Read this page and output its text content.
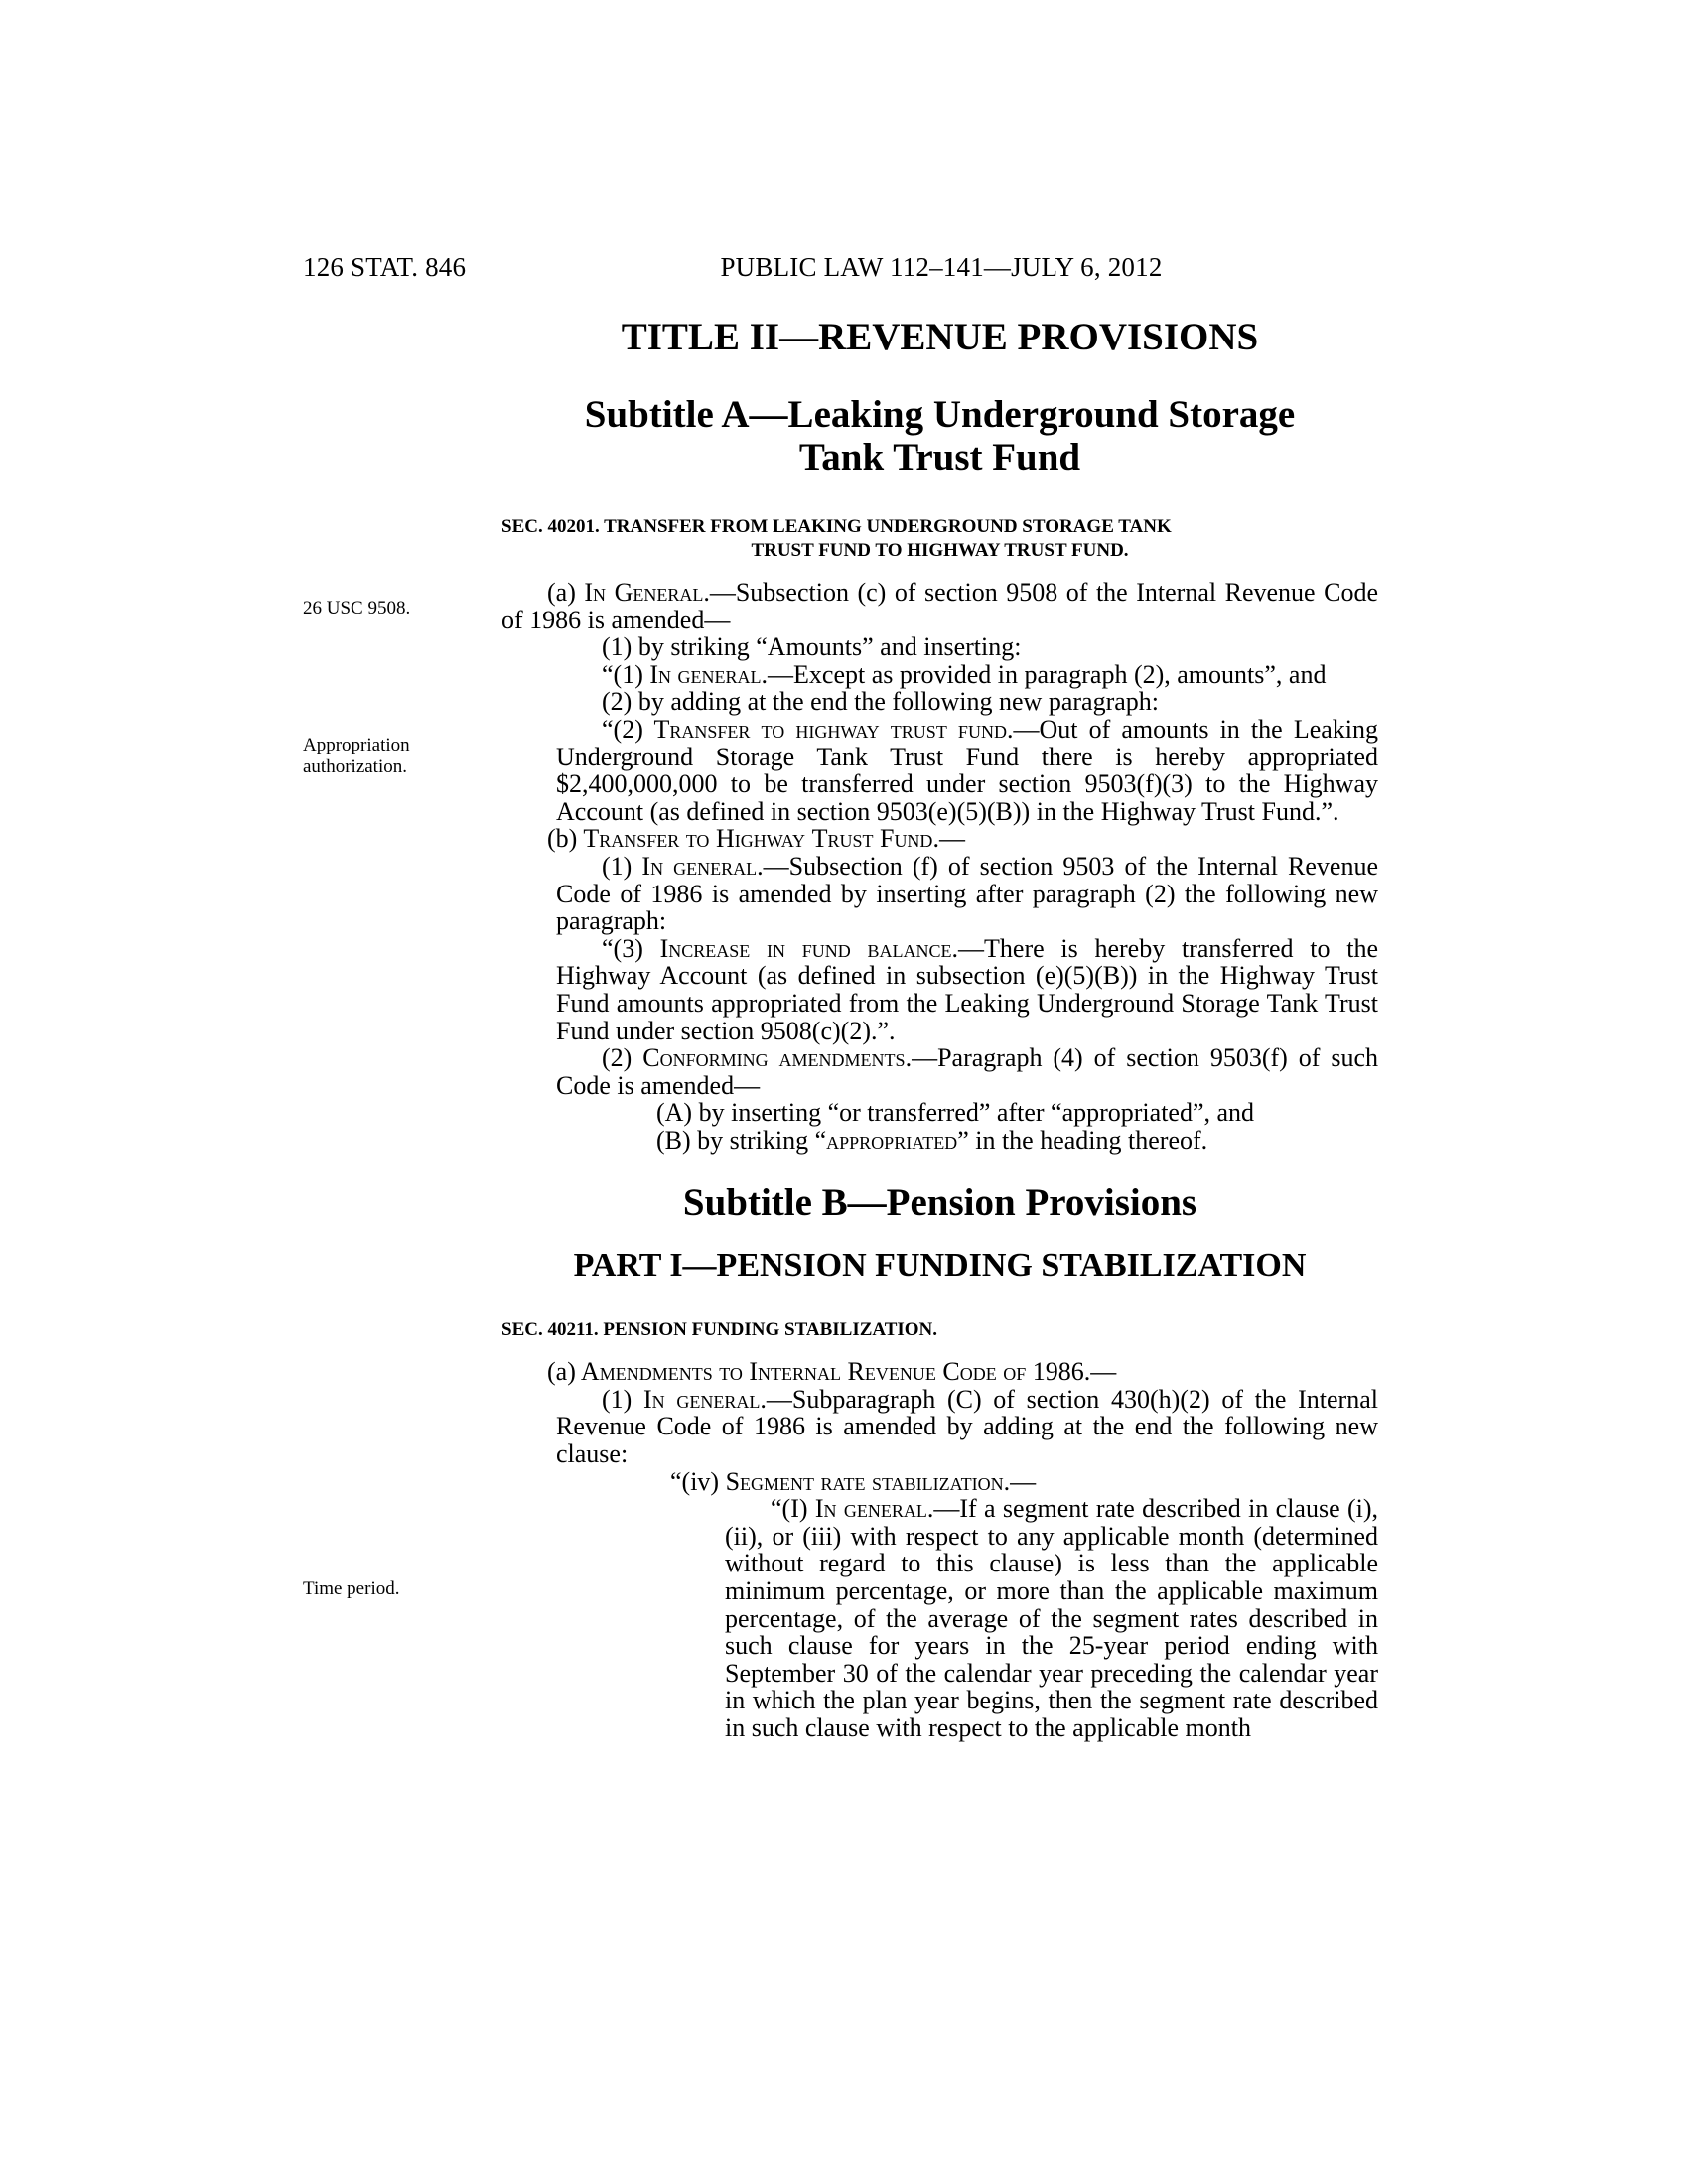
126 STAT. 846	PUBLIC LAW 112–141—JULY 6, 2012
26 USC 9508.
Appropriation
authorization.
Time period.
TITLE II—REVENUE PROVISIONS
Subtitle A—Leaking Underground Storage
Tank Trust Fund
SEC. 40201. TRANSFER FROM LEAKING UNDERGROUND STORAGE TANK
TRUST FUND TO HIGHWAY TRUST FUND.

(a) In General.—Subsection (c) of section 9508 of the Internal Revenue Code of 1986 is amended—

(1) by striking “Amounts” and inserting:

“(1) In general.—Except as provided in paragraph (2), amounts”, and

(2) by adding at the end the following new paragraph:

“(2) Transfer to highway trust fund.—Out of amounts in the Leaking Underground Storage Tank Trust Fund there is hereby appropriated $2,400,000,000 to be transferred under section 9503(f)(3) to the Highway Account (as defined in section 9503(e)(5)(B)) in the Highway Trust Fund.”.

(b) Transfer to Highway Trust Fund.—

(1) In general.—Subsection (f) of section 9503 of the Internal Revenue Code of 1986 is amended by inserting after paragraph (2) the following new paragraph:

“(3) Increase in fund balance.—There is hereby transferred to the Highway Account (as defined in subsection (e)(5)(B)) in the Highway Trust Fund amounts appropriated from the Leaking Underground Storage Tank Trust Fund under section 9508(c)(2).”.

(2) Conforming amendments.—Paragraph (4) of section 9503(f) of such Code is amended—

(A) by inserting “or transferred” after “appropriated”, and

(B) by striking “appropriated” in the heading thereof.

Subtitle B—Pension Provisions
PART I—PENSION FUNDING STABILIZATION
SEC. 40211. PENSION FUNDING STABILIZATION.

(a) Amendments to Internal Revenue Code of 1986.—

(1) In general.—Subparagraph (C) of section 430(h)(2) of the Internal Revenue Code of 1986 is amended by adding at the end the following new clause:

“(iv) Segment rate stabilization.—

“(I) In general.—If a segment rate described in clause (i), (ii), or (iii) with respect to any applicable month (determined without regard to this clause) is less than the applicable minimum percentage, or more than the applicable maximum percentage, of the average of the segment rates described in such clause for years in the 25-year period ending with September 30 of the calendar year preceding the calendar year in which the plan year begins, then the segment rate described in such clause with respect to the applicable month
